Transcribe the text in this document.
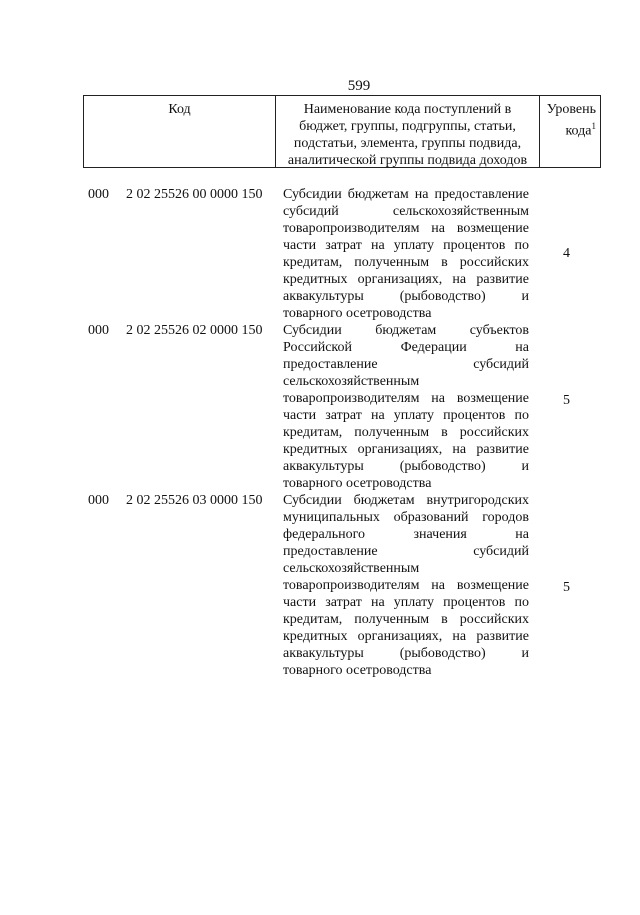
599
Код	Наименование кода поступлений в
бюджет, группы, подгруппы, статьи,
подстатьи, элемента, группы подвида,
аналитической группы подвида доходов
Уровень
кода$^1$
000 2 02 25526 00 0000 150
4
Субсидии бюджетам на предоставление
субсидий сельскохозяйственным
товаропроизводителям на возмещение
части затрат на уплату процентов по
кредитам, полученным в российских
кредитных организациях, на развитие
аквакультуры (рыбоводство) и
товарного осетроводства
000 2 02 25526 02 0000 150
5
Субсидии бюджетам субъектов
Российской Федерации на
предоставление субсидий
сельскохозяйственным
товаропроизводителям на возмещение
части затрат на уплату процентов по
кредитам, полученным в российских
кредитных организациях, на развитие
аквакультуры (рыбоводство) и
товарного осетроводства
000 2 02 25526 03 0000 150
5
Субсидии бюджетам внутригородских
муниципальных образований городов
федерального значения на
предоставление субсидий
сельскохозяйственным
товаропроизводителям на возмещение
части затрат на уплату процентов по
кредитам, полученным в российских
кредитных организациях, на развитие
аквакультуры (рыбоводство) и
товарного осетроводства
